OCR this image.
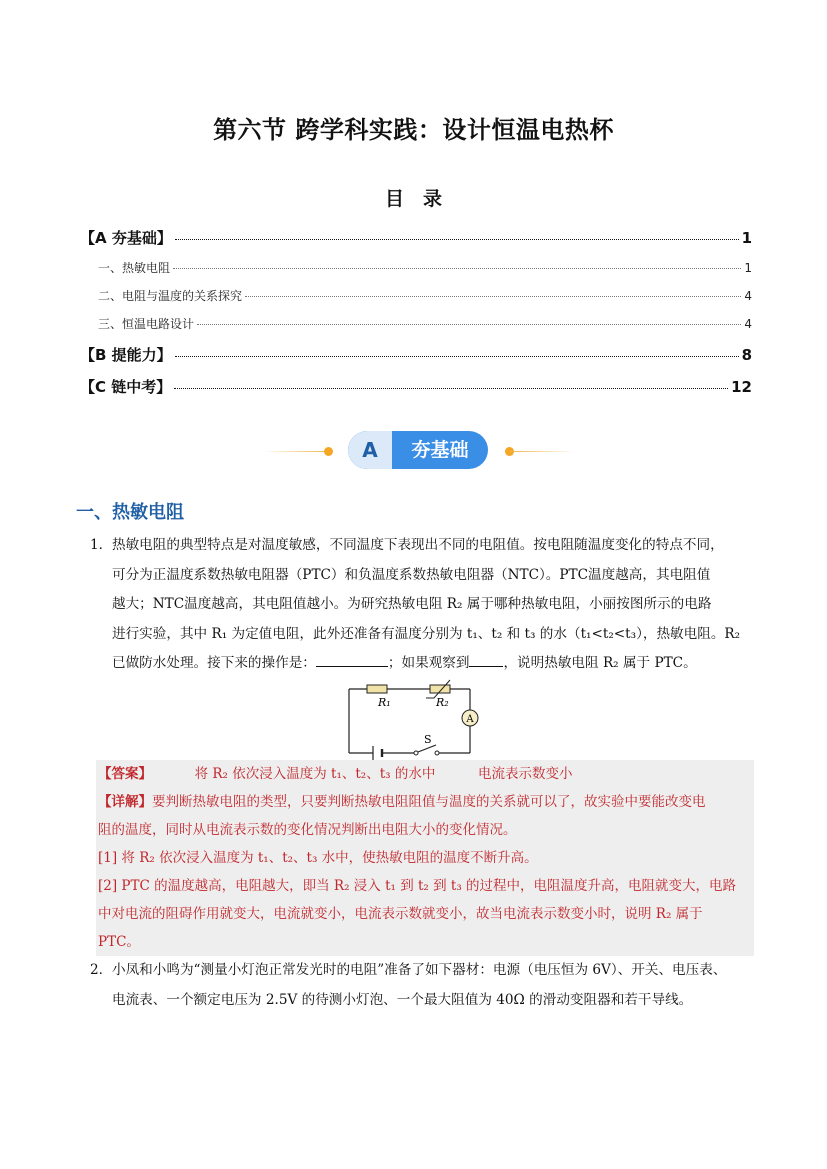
第六节 跨学科实践：设计恒温电热杯
目　录
【A 夯基础】	1
一、热敏电阻	1
二、电阻与温度的关系探究	4
三、恒温电路设计	4
【B 提能力】	8
【C 链中考】	12
A	夯基础
一、热敏电阻
1．热敏电阻的典型特点是对温度敏感，不同温度下表现出不同的电阻值。按电阻随温度变化的特点不同，
可分为正温度系数热敏电阻器（PTC）和负温度系数热敏电阻器（NTC）。PTC温度越高，其电阻值
越大；NTC温度越高，其电阻值越小。为研究热敏电阻 R₂ 属于哪种热敏电阻，小丽按图所示的电路
进行实验，其中 R₁ 为定值电阻，此外还准备有温度分别为 t₁、t₂ 和 t₃ 的水（t₁<t₂<t₃），热敏电阻。R₂
已做防水处理。接下来的操作是：	；如果观察到	，说明热敏电阻 R₂ 属于 PTC。
A
R₁	R₂
S
【答案】	将 R₂ 依次浸入温度为 t₁、t₂、t₃ 的水中	电流表示数变小
【详解】要判断热敏电阻的类型，只要判断热敏电阻阻值与温度的关系就可以了，故实验中要能改变电
阻的温度，同时从电流表示数的变化情况判断出电阻大小的变化情况。
[1] 将 R₂ 依次浸入温度为 t₁、t₂、t₃ 水中，使热敏电阻的温度不断升高。
[2] PTC 的温度越高，电阻越大，即当 R₂ 浸入 t₁ 到 t₂ 到 t₃ 的过程中，电阻温度升高，电阻就变大，电路
中对电流的阻碍作用就变大，电流就变小，电流表示数就变小，故当电流表示数变小时，说明 R₂ 属于
PTC。
2．小凤和小鸣为“测量小灯泡正常发光时的电阻”准备了如下器材：电源（电压恒为 6V）、开关、电压表、
电流表、一个额定电压为 2.5V 的待测小灯泡、一个最大阻值为 40Ω 的滑动变阻器和若干导线。
